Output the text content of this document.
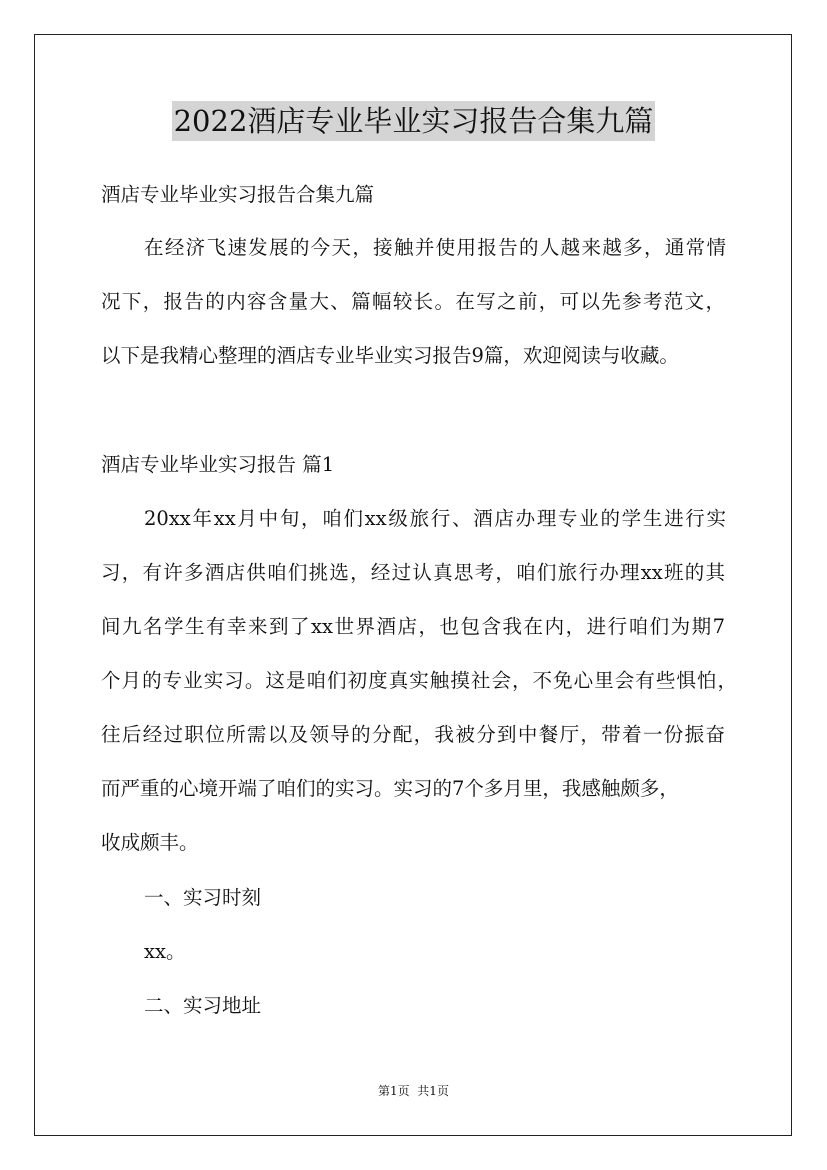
2022酒店专业毕业实习报告合集九篇
酒店专业毕业实习报告合集九篇
在经济飞速发展的今天，接触并使用报告的人越来越多，通常情
况下，报告的内容含量大、篇幅较长。在写之前，可以先参考范文，
以下是我精心整理的酒店专业毕业实习报告9篇，欢迎阅读与收藏。
酒店专业毕业实习报告 篇1
20xx年xx月中旬，咱们xx级旅行、酒店办理专业的学生进行实
习，有许多酒店供咱们挑选，经过认真思考，咱们旅行办理xx班的其
间九名学生有幸来到了xx世界酒店，也包含我在内，进行咱们为期7
个月的专业实习。这是咱们初度真实触摸社会，不免心里会有些惧怕，
往后经过职位所需以及领导的分配，我被分到中餐厅，带着一份振奋
而严重的心境开端了咱们的实习。实习的7个多月里，我感触颇多，
收成颇丰。
一、实习时刻
xx。
二、实习地址
第1页  共1页
